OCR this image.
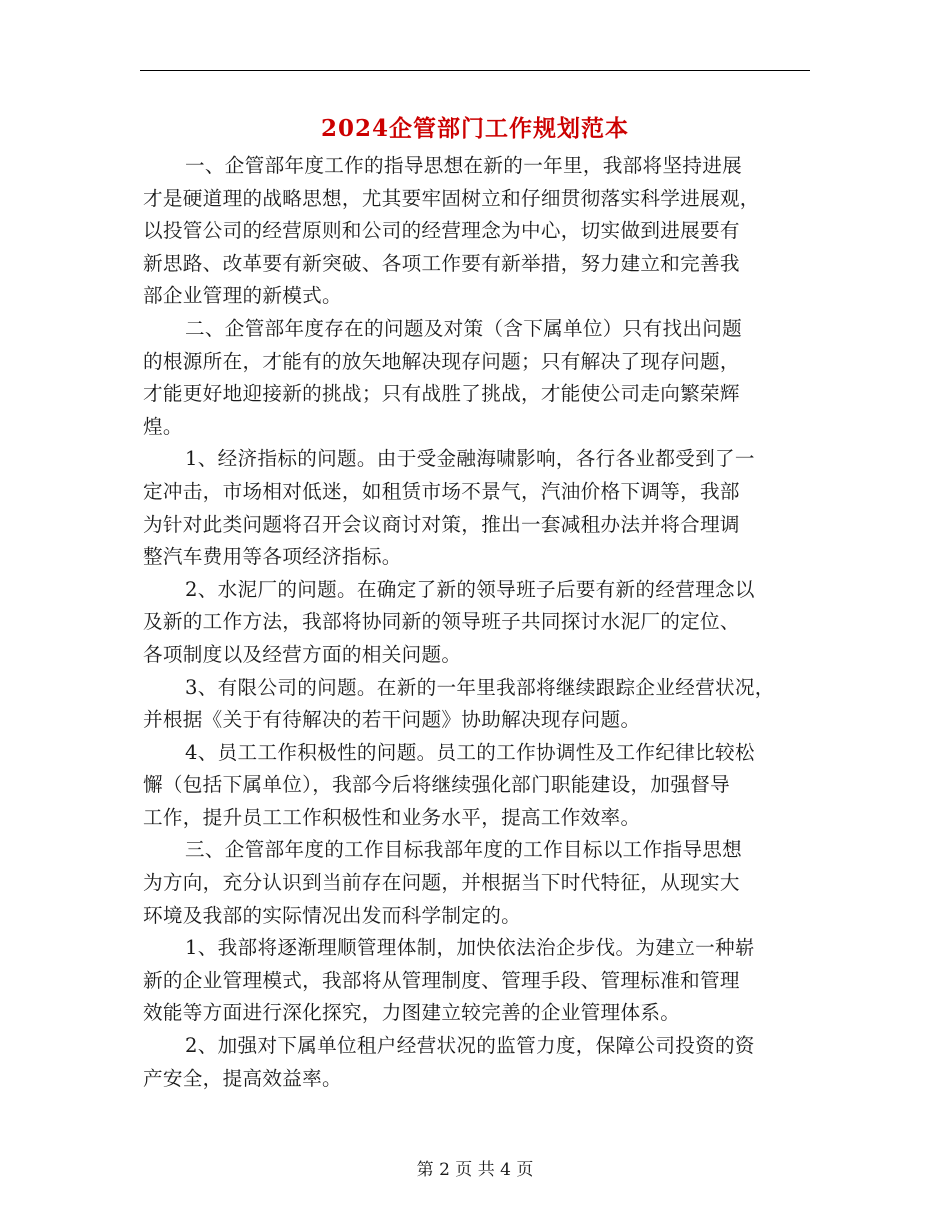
2024企管部门工作规划范本

一、企管部年度工作的指导思想在新的一年里，我部将坚持进展
才是硬道理的战略思想，尤其要牢固树立和仔细贯彻落实科学进展观，
以投管公司的经营原则和公司的经营理念为中心，切实做到进展要有
新思路、改革要有新突破、各项工作要有新举措，努力建立和完善我
部企业管理的新模式。

二、企管部年度存在的问题及对策（含下属单位）只有找出问题
的根源所在，才能有的放矢地解决现存问题；只有解决了现存问题，
才能更好地迎接新的挑战；只有战胜了挑战，才能使公司走向繁荣辉
煌。

1、经济指标的问题。由于受金融海啸影响，各行各业都受到了一
定冲击，市场相对低迷，如租赁市场不景气，汽油价格下调等，我部
为针对此类问题将召开会议商讨对策，推出一套减租办法并将合理调
整汽车费用等各项经济指标。

2、水泥厂的问题。在确定了新的领导班子后要有新的经营理念以
及新的工作方法，我部将协同新的领导班子共同探讨水泥厂的定位、
各项制度以及经营方面的相关问题。

3、有限公司的问题。在新的一年里我部将继续跟踪企业经营状况，
并根据《关于有待解决的若干问题》协助解决现存问题。

4、员工工作积极性的问题。员工的工作协调性及工作纪律比较松
懈（包括下属单位），我部今后将继续强化部门职能建设，加强督导
工作，提升员工工作积极性和业务水平，提高工作效率。

三、企管部年度的工作目标我部年度的工作目标以工作指导思想
为方向，充分认识到当前存在问题，并根据当下时代特征，从现实大
环境及我部的实际情况出发而科学制定的。

1、我部将逐渐理顺管理体制，加快依法治企步伐。为建立一种崭
新的企业管理模式，我部将从管理制度、管理手段、管理标准和管理
效能等方面进行深化探究，力图建立较完善的企业管理体系。

2、加强对下属单位租户经营状况的监管力度，保障公司投资的资
产安全，提高效益率。

第 2 页 共 4 页
